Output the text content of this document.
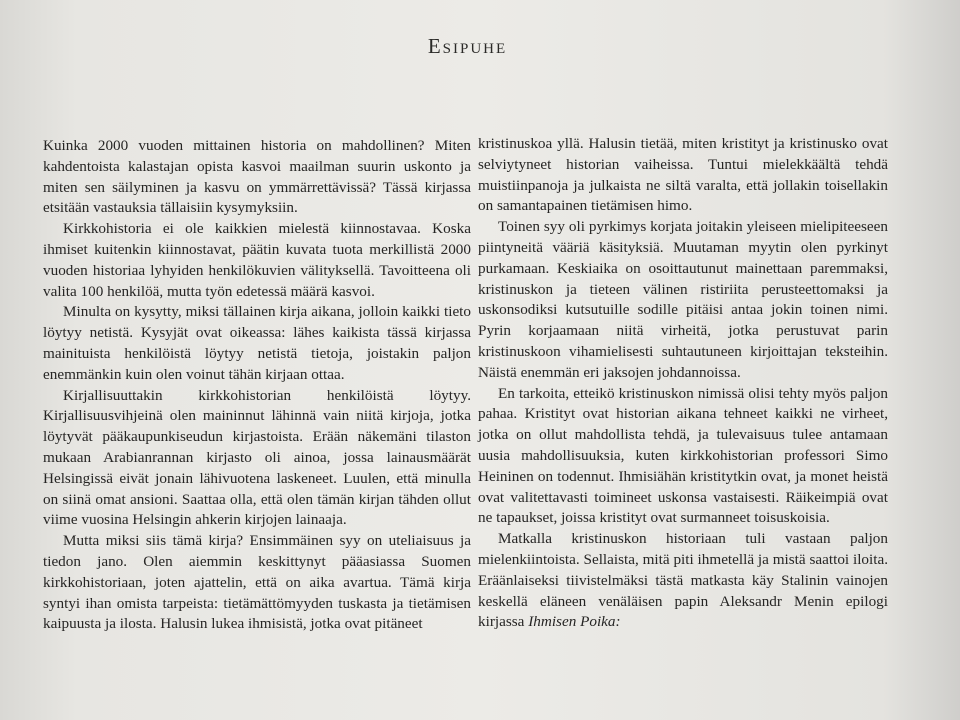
Esipuhe

Kuinka 2000 vuoden mittainen historia on mahdollinen? Miten kahdentoista kalastajan opista kasvoi maailman suurin uskonto ja miten sen säilyminen ja kasvu on ymmärrettävissä? Tässä kirjassa etsitään vastauksia tällaisiin kysymyksiin.

Kirkkohistoria ei ole kaikkien mielestä kiinnostavaa. Koska ihmiset kuitenkin kiinnostavat, päätin kuvata tuota merkillistä 2000 vuoden historiaa lyhyiden henkilökuvien välityksellä. Tavoitteena oli valita 100 henkilöä, mutta työn edetessä määrä kasvoi.

Minulta on kysytty, miksi tällainen kirja aikana, jolloin kaikki tieto löytyy netistä. Kysyjät ovat oikeassa: lähes kaikista tässä kirjassa mainituista henkilöistä löytyy netistä tietoja, joistakin paljon enemmänkin kuin olen voinut tähän kirjaan ottaa.

Kirjallisuuttakin kirkkohistorian henkilöistä löytyy. Kirjallisuusvihjeinä olen maininnut lähinnä vain niitä kirjoja, jotka löytyvät pääkaupunkiseudun kirjastoista. Erään näkemäni tilaston mukaan Arabianrannan kirjasto oli ainoa, jossa lainausmäärät Helsingissä eivät jonain lähivuotena laskeneet. Luulen, että minulla on siinä omat ansioni. Saattaa olla, että olen tämän kirjan tähden ollut viime vuosina Helsingin ahkerin kirjojen lainaaja.

Mutta miksi siis tämä kirja? Ensimmäinen syy on uteliaisuus ja tiedon jano. Olen aiemmin keskittynyt pääasiassa Suomen kirkkohistoriaan, joten ajattelin, että on aika avartua. Tämä kirja syntyi ihan omista tarpeista: tietämättömyyden tuskasta ja tietämisen kaipuusta ja ilosta. Halusin lukea ihmisistä, jotka ovat pitäneet

kristinuskoa yllä. Halusin tietää, miten kristityt ja kristinusko ovat selviytyneet historian vaiheissa. Tuntui mielekkäältä tehdä muistiinpanoja ja julkaista ne siltä varalta, että jollakin toisellakin on samantapainen tietämisen himo.

Toinen syy oli pyrkimys korjata joitakin yleiseen mielipiteeseen piintyneitä vääriä käsityksiä. Muutaman myytin olen pyrkinyt purkamaan. Keskiaika on osoittautunut mainettaan paremmaksi, kristinuskon ja tieteen välinen ristiriita perusteettomaksi ja uskonsodiksi kutsutuille sodille pitäisi antaa jokin toinen nimi. Pyrin korjaamaan niitä virheitä, jotka perustuvat parin kristinuskoon vihamielisesti suhtautuneen kirjoittajan teksteihin. Näistä enemmän eri jaksojen johdannoissa.

En tarkoita, etteikö kristinuskon nimissä olisi tehty myös paljon pahaa. Kristityt ovat historian aikana tehneet kaikki ne virheet, jotka on ollut mahdollista tehdä, ja tulevaisuus tulee antamaan uusia mahdollisuuksia, kuten kirkkohistorian professori Simo Heininen on todennut. Ihmisiähän kristitytkin ovat, ja monet heistä ovat valitettavasti toimineet uskonsa vastaisesti. Räikeimpiä ovat ne tapaukset, joissa kristityt ovat surmanneet toisuskoisia.

Matkalla kristinuskon historiaan tuli vastaan paljon mielenkiintoista. Sellaista, mitä piti ihmetellä ja mistä saattoi iloita. Eräänlaiseksi tiivistelmäksi tästä matkasta käy Stalinin vainojen keskellä eläneen venäläisen papin Aleksandr Menin epilogi kirjassa Ihmisen Poika:
